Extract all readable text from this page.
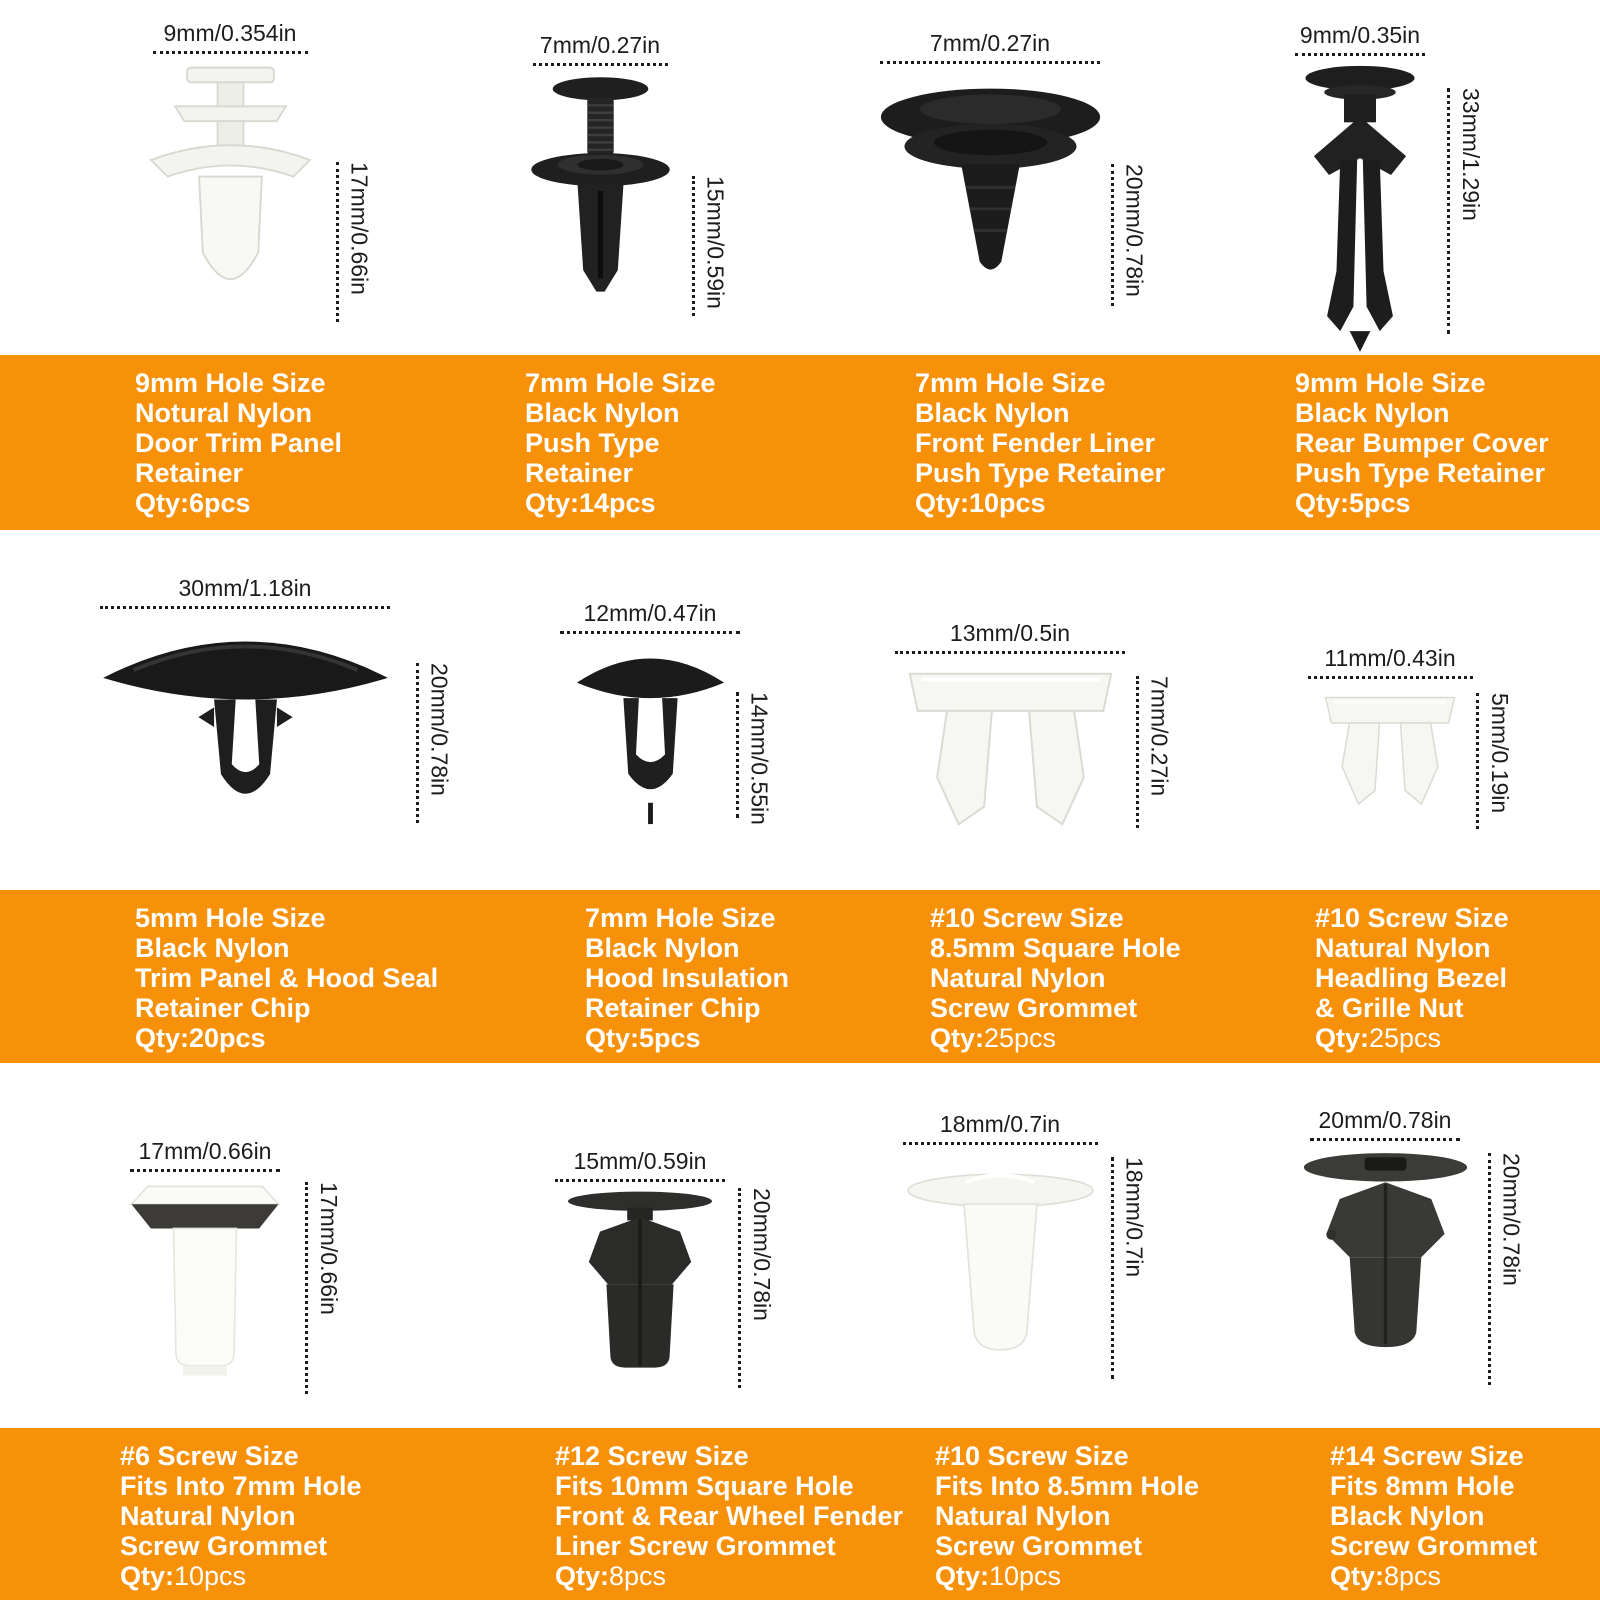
9mm/0.354in
17mm/0.66in
7mm/0.27in
15mm/0.59in
7mm/0.27in
20mm/0.78in
9mm/0.35in
33mm/1.29in
9mm Hole Size
Notural Nylon
Door Trim Panel
Retainer
Qty:6pcs
7mm Hole Size
Black Nylon
Push Type
Retainer
Qty:14pcs
7mm Hole Size
Black Nylon
Front Fender Liner
Push Type Retainer
Qty:10pcs
9mm Hole Size
Black Nylon
Rear Bumper Cover
Push Type Retainer
Qty:5pcs
30mm/1.18in
20mm/0.78in
12mm/0.47in
14mm/0.55in
13mm/0.5in
7mm/0.27in
11mm/0.43in
5mm/0.19in
5mm Hole Size
Black Nylon
Trim Panel & Hood Seal
Retainer Chip
Qty:20pcs
7mm Hole Size
Black Nylon
Hood Insulation
Retainer Chip
Qty:5pcs
#10 Screw Size
8.5mm Square Hole
Natural Nylon
Screw Grommet
Qty:25pcs
#10 Screw Size
Natural Nylon
Headling Bezel
& Grille Nut
Qty:25pcs
17mm/0.66in
17mm/0.66in
15mm/0.59in
20mm/0.78in
18mm/0.7in
18mm/0.7in
20mm/0.78in
20mm/0.78in
#6 Screw Size
Fits Into 7mm Hole
Natural Nylon
Screw Grommet
Qty:10pcs
#12 Screw Size
Fits 10mm Square Hole
Front & Rear Wheel Fender
Liner Screw Grommet
Qty:8pcs
#10 Screw Size
Fits Into 8.5mm Hole
Natural Nylon
Screw Grommet
Qty:10pcs
#14 Screw Size
Fits 8mm Hole
Black Nylon
Screw Grommet
Qty:8pcs
